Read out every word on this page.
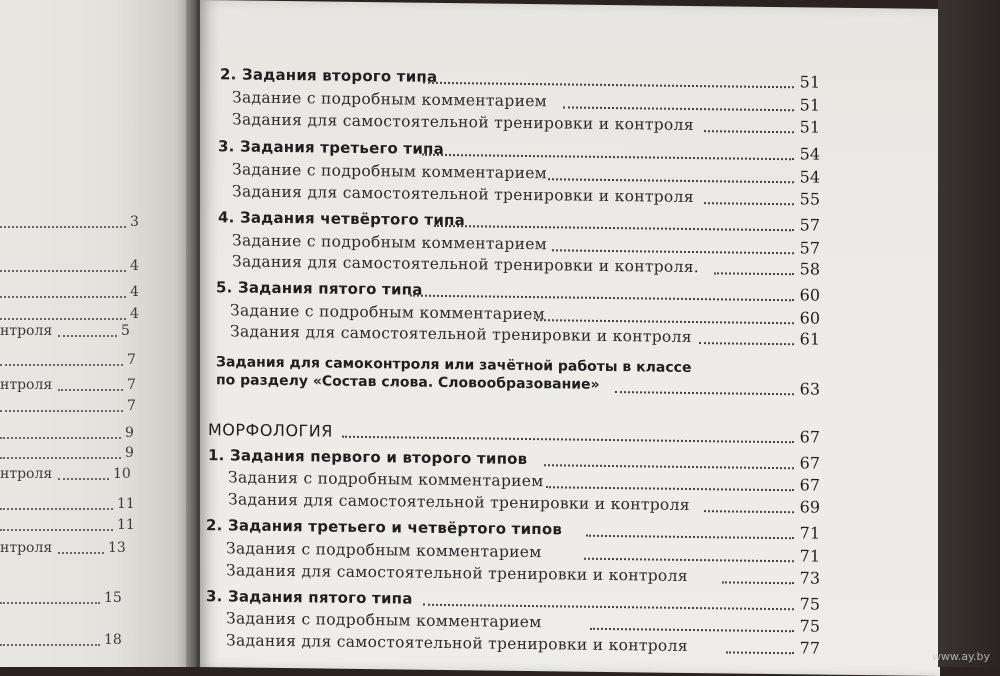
3
4
4
4
нтроля	5
7
нтроля	7
7
9
9
нтроля	10
11
11
нтроля	13
15
18
2. Задания второго типа	51
Задание с подробным комментарием	51
Задания для самостоятельной тренировки и контроля	51
3. Задания третьего типа	54
Задание с подробным комментарием	54
Задания для самостоятельной тренировки и контроля	55
4. Задания четвёртого типа	57
Задание с подробным комментарием	57
Задания для самостоятельной тренировки и контроля.	58
5. Задания пятого типа	60
Задание с подробным комментарием	60
Задания для самостоятельной тренировки и контроля	61
Задания для самоконтроля или зачётной работы в классе
по разделу «Состав слова. Словообразование»	63
МОРФОЛОГИЯ	67
1. Задания первого и второго типов	67
Задания с подробным комментарием	67
Задания для самостоятельной тренировки и контроля	69
2. Задания третьего и четвёртого типов	71
Задания с подробным комментарием	71
Задания для самостоятельной тренировки и контроля	73
3. Задания пятого типа	75
Задания с подробным комментарием	75
Задания для самостоятельной тренировки и контроля	77	www.ay.by
